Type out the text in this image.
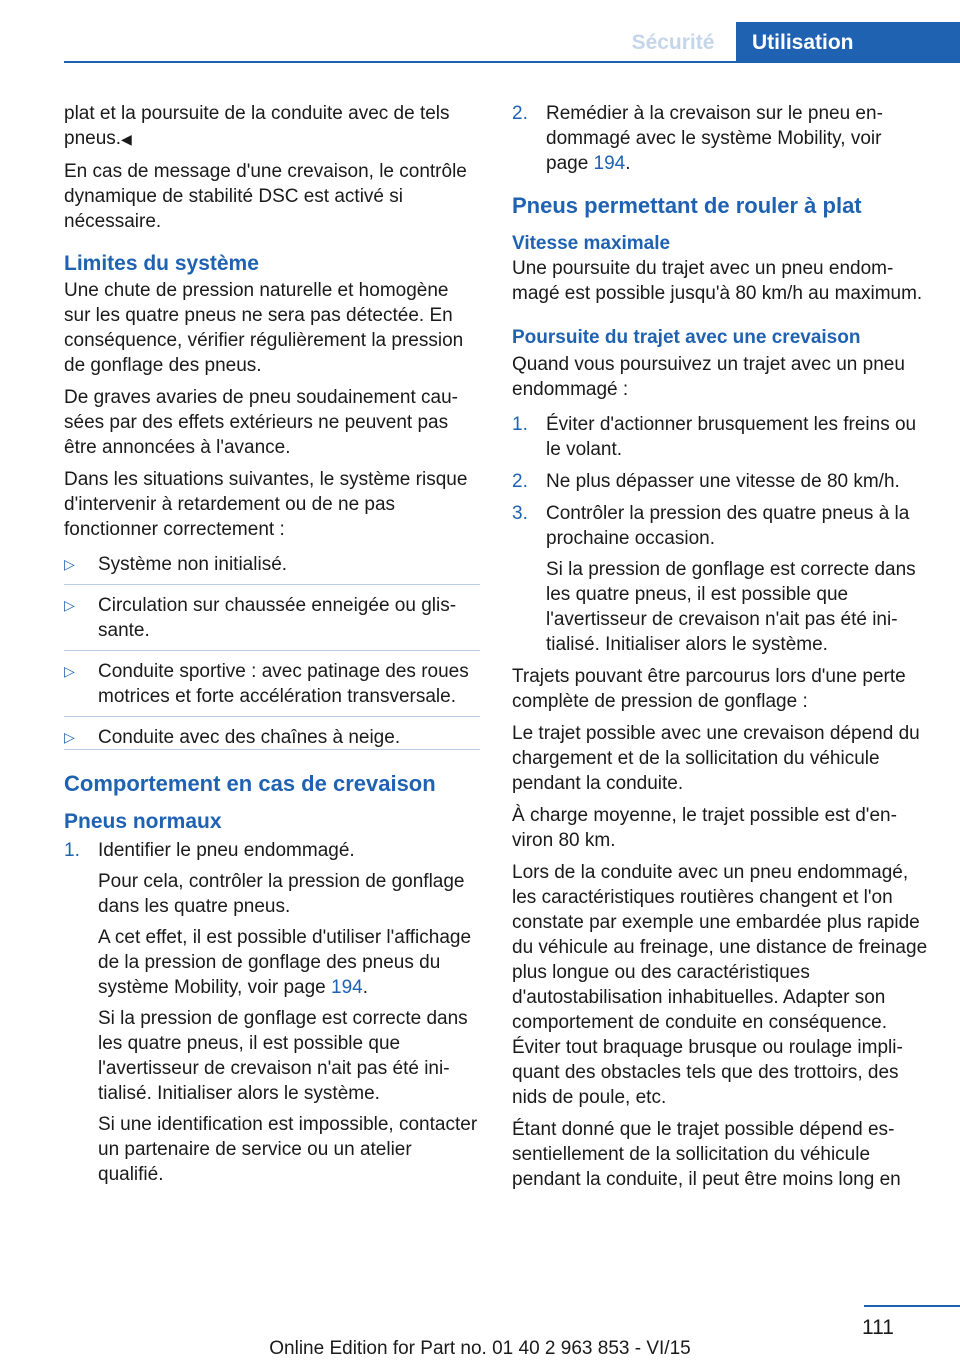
Sécurité	Utilisation

plat et la poursuite de la conduite avec de tels pneus.◀

En cas de message d'une crevaison, le contrôle dynamique de stabilité DSC est activé si nécessaire.

Limites du système

Une chute de pression naturelle et homogène sur les quatre pneus ne sera pas détectée. En conséquence, vérifier régulièrement la pression de gonflage des pneus.

De graves avaries de pneu soudainement causées par des effets extérieurs ne peuvent pas être annoncées à l'avance.

Dans les situations suivantes, le système risque d'intervenir à retardement ou de ne pas fonctionner correctement :

▷ Système non initialisé.
▷ Circulation sur chaussée enneigée ou glissante.
▷ Conduite sportive : avec patinage des roues motrices et forte accélération transversale.
▷ Conduite avec des chaînes à neige.
Comportement en cas de crevaison
Pneus normaux
1. Identifier le pneu endommagé.

Pour cela, contrôler la pression de gonflage dans les quatre pneus.

A cet effet, il est possible d'utiliser l'affichage de la pression de gonflage des pneus du système Mobility, voir page 194.

Si la pression de gonflage est correcte dans les quatre pneus, il est possible que l'avertisseur de crevaison n'ait pas été initialisé. Initialiser alors le système.

Si une identification est impossible, contacter un partenaire de service ou un atelier qualifié.

2. Remédier à la crevaison sur le pneu endommagé avec le système Mobility, voir page 194.
Pneus permettant de rouler à plat
Vitesse maximale

Une poursuite du trajet avec un pneu endommagé est possible jusqu'à 80 km/h au maximum.

Poursuite du trajet avec une crevaison

Quand vous poursuivez un trajet avec un pneu endommagé :

1. Éviter d'actionner brusquement les freins ou le volant.
2. Ne plus dépasser une vitesse de 80 km/h.
3. Contrôler la pression des quatre pneus à la prochaine occasion.

Si la pression de gonflage est correcte dans les quatre pneus, il est possible que l'avertisseur de crevaison n'ait pas été initialisé. Initialiser alors le système.

Trajets pouvant être parcourus lors d'une perte complète de pression de gonflage :

Le trajet possible avec une crevaison dépend du chargement et de la sollicitation du véhicule pendant la conduite.

À charge moyenne, le trajet possible est d'environ 80 km.

Lors de la conduite avec un pneu endommagé, les caractéristiques routières changent et l'on constate par exemple une embardée plus rapide du véhicule au freinage, une distance de freinage plus longue ou des caractéristiques d'autostabilisation inhabituelles. Adapter son comportement de conduite en conséquence. Éviter tout braquage brusque ou roulage impliquant des obstacles tels que des trottoirs, des nids de poule, etc.

Étant donné que le trajet possible dépend essentiellement de la sollicitation du véhicule pendant la conduite, il peut être moins long en

111
Online Edition for Part no. 01 40 2 963 853 - VI/15
